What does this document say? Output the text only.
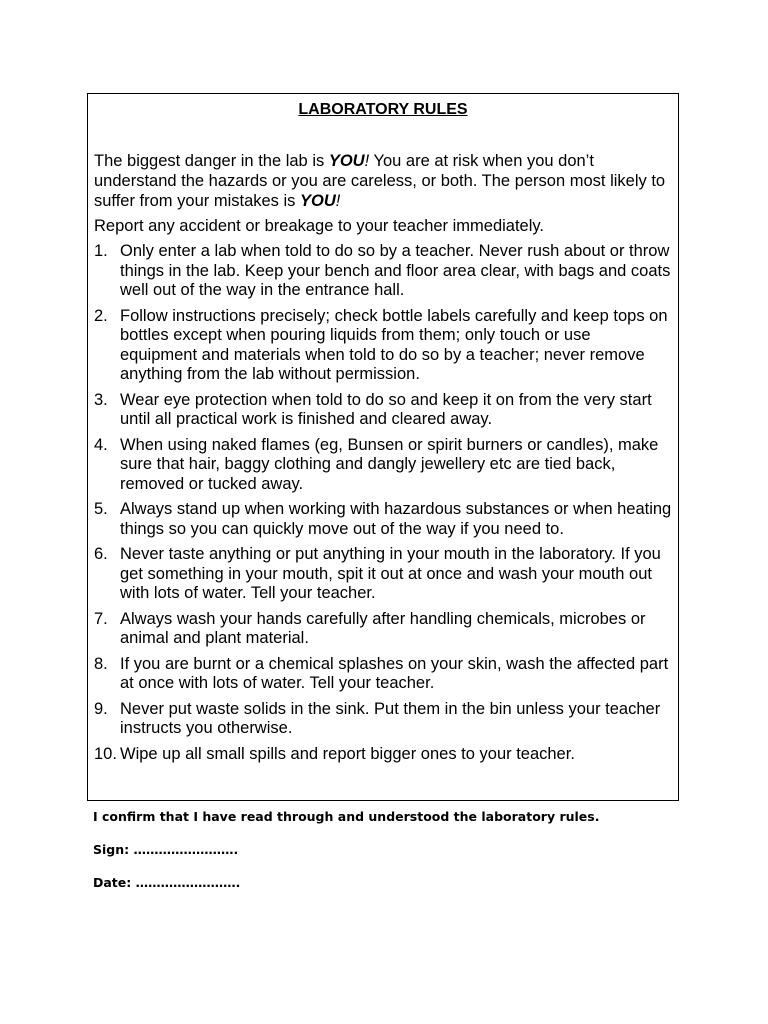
LABORATORY RULES

The biggest danger in the lab is YOU! You are at risk when you don’t understand the hazards or you are careless, or both. The person most likely to suffer from your mistakes is YOU!

Report any accident or breakage to your teacher immediately.

1. Only enter a lab when told to do so by a teacher. Never rush about or throw things in the lab. Keep your bench and floor area clear, with bags and coats well out of the way in the entrance hall.
2. Follow instructions precisely; check bottle labels carefully and keep tops on bottles except when pouring liquids from them; only touch or use equipment and materials when told to do so by a teacher; never remove anything from the lab without permission.
3. Wear eye protection when told to do so and keep it on from the very start until all practical work is finished and cleared away.
4. When using naked flames (eg, Bunsen or spirit burners or candles), make sure that hair, baggy clothing and dangly jewellery etc are tied back, removed or tucked away.
5. Always stand up when working with hazardous substances or when heating things so you can quickly move out of the way if you need to.
6. Never taste anything or put anything in your mouth in the laboratory. If you get something in your mouth, spit it out at once and wash your mouth out with lots of water. Tell your teacher.
7. Always wash your hands carefully after handling chemicals, microbes or animal and plant material.
8. If you are burnt or a chemical splashes on your skin, wash the affected part at once with lots of water. Tell your teacher.
9. Never put waste solids in the sink. Put them in the bin unless your teacher instructs you otherwise.
10. Wipe up all small spills and report bigger ones to your teacher.

I confirm that I have read through and understood the laboratory rules.

Sign: …………………….

Date: …………………….
